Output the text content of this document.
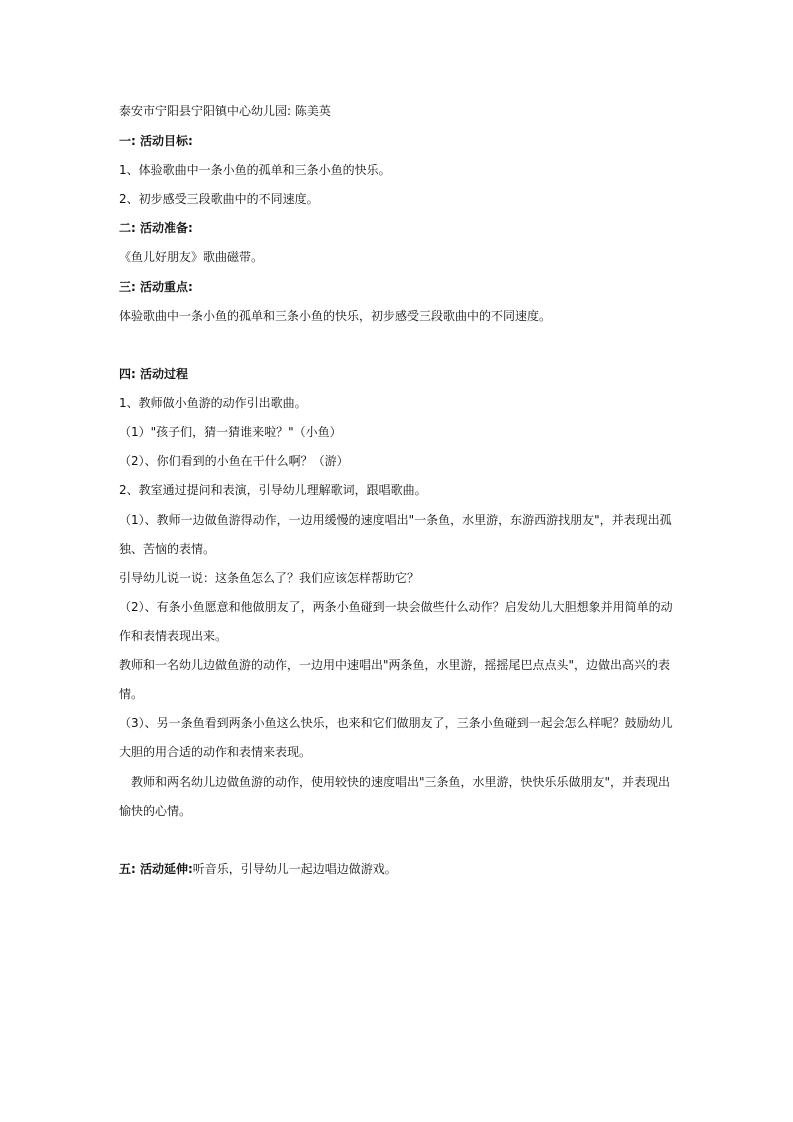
泰安市宁阳县宁阳镇中心幼儿园: 陈美英
一: 活动目标:
1、体验歌曲中一条小鱼的孤单和三条小鱼的快乐。
2、初步感受三段歌曲中的不同速度。
二: 活动准备:
《鱼儿好朋友》歌曲磁带。
三: 活动重点:
体验歌曲中一条小鱼的孤单和三条小鱼的快乐，初步感受三段歌曲中的不同速度。
四: 活动过程
1、教师做小鱼游的动作引出歌曲。
（1）"孩子们，猜一猜谁来啦？"（小鱼）
（2）、你们看到的小鱼在干什么啊？（游）
2、教室通过提问和表演，引导幼儿理解歌词，跟唱歌曲。
（1）、教师一边做鱼游得动作，一边用缓慢的速度唱出"一条鱼，水里游，东游西游找朋友"，并表现出孤
独、苦恼的表情。
引导幼儿说一说：这条鱼怎么了？我们应该怎样帮助它？
（2）、有条小鱼愿意和他做朋友了，两条小鱼碰到一块会做些什么动作？启发幼儿大胆想象并用简单的动
作和表情表现出来。
教师和一名幼儿边做鱼游的动作，一边用中速唱出"两条鱼，水里游，摇摇尾巴点点头"，边做出高兴的表
情。
（3）、另一条鱼看到两条小鱼这么快乐，也来和它们做朋友了，三条小鱼碰到一起会怎么样呢？鼓励幼儿
大胆的用合适的动作和表情来表现。
教师和两名幼儿边做鱼游的动作，使用较快的速度唱出"三条鱼，水里游，快快乐乐做朋友"，并表现出
愉快的心情。
五: 活动延伸:听音乐，引导幼儿一起边唱边做游戏。
